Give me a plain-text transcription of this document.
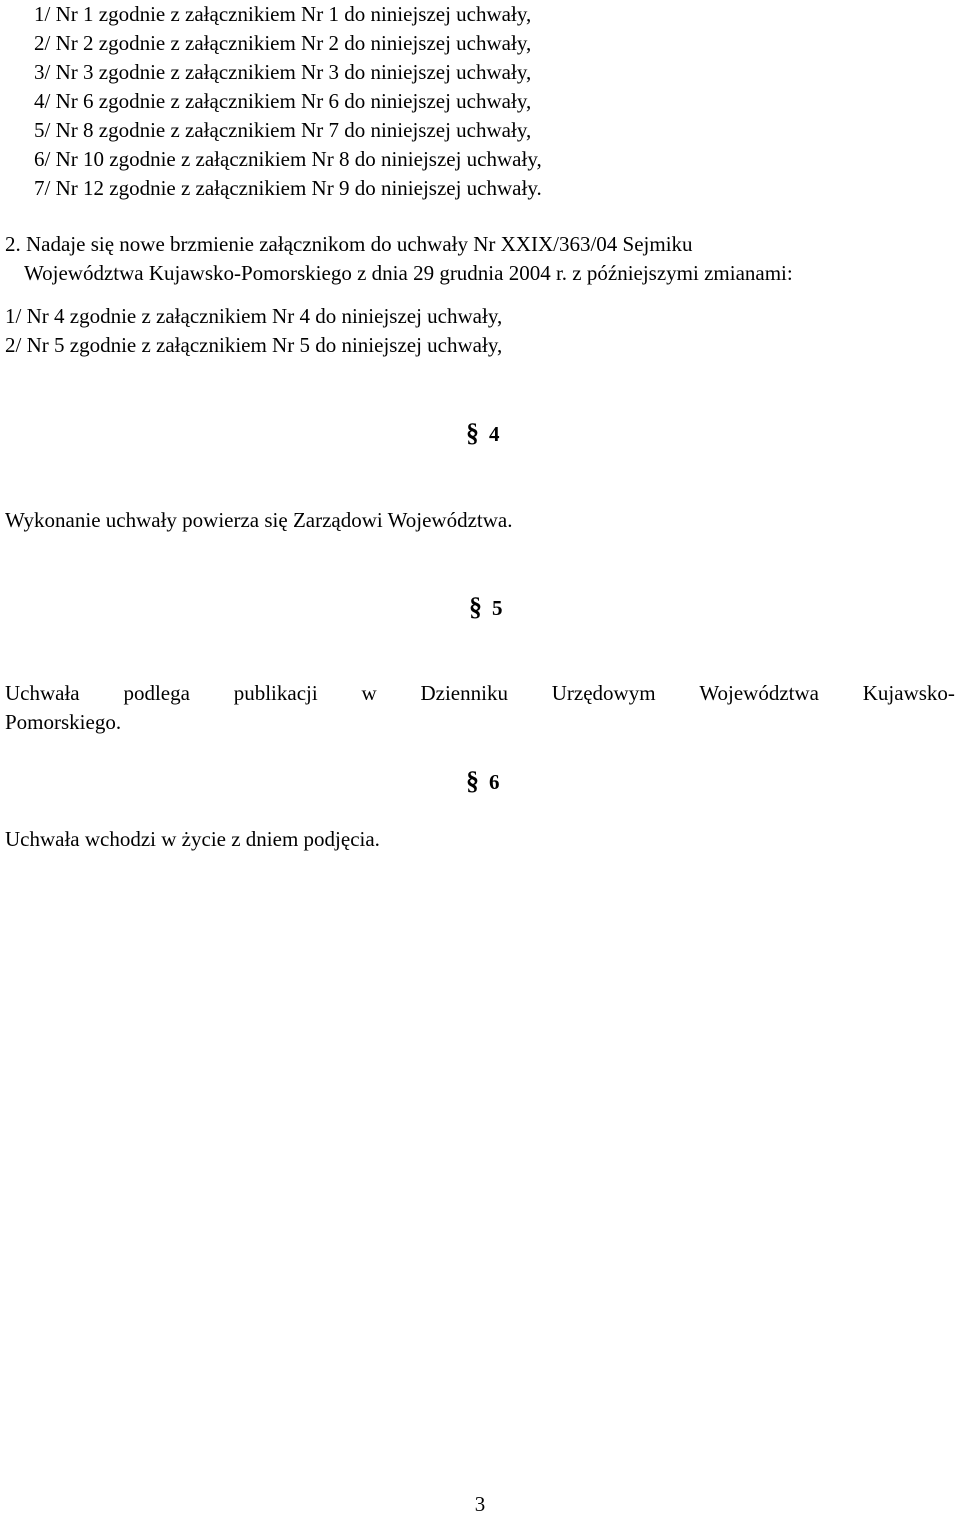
1/ Nr 1 zgodnie z załącznikiem Nr 1 do niniejszej uchwały,

2/ Nr 2 zgodnie z załącznikiem Nr 2 do niniejszej uchwały,

3/ Nr 3 zgodnie z załącznikiem Nr 3 do niniejszej uchwały,

4/ Nr 6 zgodnie z załącznikiem Nr 6 do niniejszej uchwały,

5/ Nr 8 zgodnie z załącznikiem Nr 7 do niniejszej uchwały,

6/ Nr 10 zgodnie z załącznikiem Nr 8 do niniejszej uchwały,

7/ Nr 12 zgodnie z załącznikiem Nr 9 do niniejszej uchwały.

2. Nadaje się nowe brzmienie załącznikom do uchwały Nr XXIX/363/04 Sejmiku

Województwa Kujawsko-Pomorskiego z dnia 29 grudnia 2004 r. z późniejszymi zmianami:

1/ Nr 4 zgodnie z załącznikiem Nr 4 do niniejszej uchwały,

2/ Nr 5 zgodnie z załącznikiem Nr 5 do niniejszej uchwały,

§ 4

Wykonanie uchwały powierza się Zarządowi Województwa.

§ 5
Uchwała podlega publikacji w Dzienniku Urzędowym Województwa Kujawsko-

Pomorskiego.

§ 6

Uchwała wchodzi w życie z dniem podjęcia.

3
